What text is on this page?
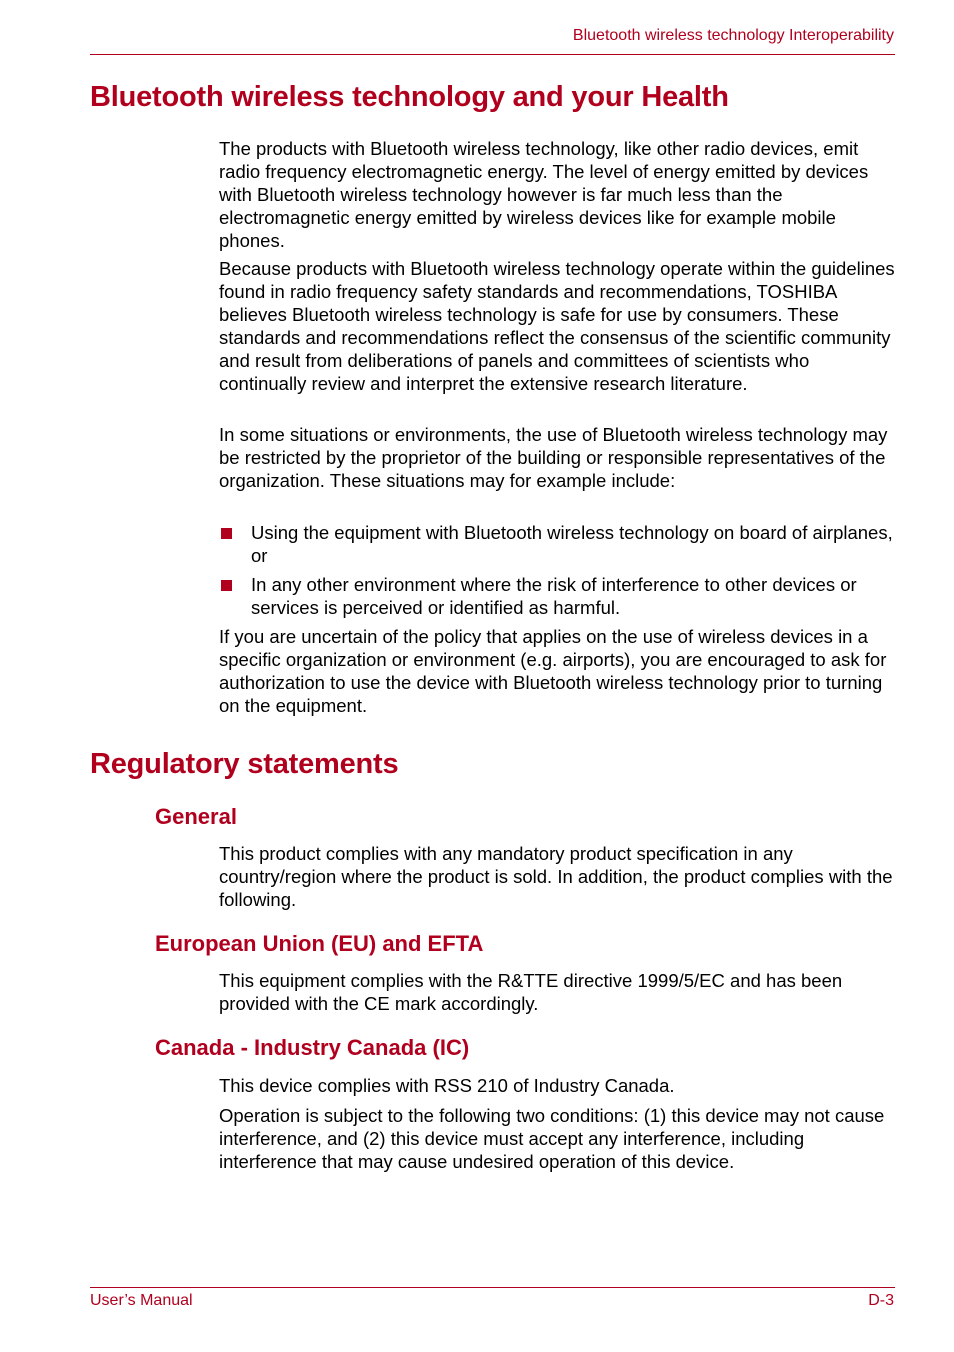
Bluetooth wireless technology Interoperability
Bluetooth wireless technology and your Health

The products with Bluetooth wireless technology, like other radio devices, emit radio frequency electromagnetic energy. The level of energy emitted by devices with Bluetooth wireless technology however is far much less than the electromagnetic energy emitted by wireless devices like for example mobile phones.

Because products with Bluetooth wireless technology operate within the guidelines found in radio frequency safety standards and recommendations, TOSHIBA believes Bluetooth wireless technology is safe for use by consumers. These standards and recommendations reflect the consensus of the scientific community and result from deliberations of panels and committees of scientists who continually review and interpret the extensive research literature.

In some situations or environments, the use of Bluetooth wireless technology may be restricted by the proprietor of the building or responsible representatives of the organization. These situations may for example include:

Using the equipment with Bluetooth wireless technology on board of airplanes, or
In any other environment where the risk of interference to other devices or services is perceived or identified as harmful.

If you are uncertain of the policy that applies on the use of wireless devices in a specific organization or environment (e.g. airports), you are encouraged to ask for authorization to use the device with Bluetooth wireless technology prior to turning on the equipment.

Regulatory statements
General

This product complies with any mandatory product specification in any country/region where the product is sold. In addition, the product complies with the following.

European Union (EU) and EFTA

This equipment complies with the R&TTE directive 1999/5/EC and has been provided with the CE mark accordingly.

Canada - Industry Canada (IC)

This device complies with RSS 210 of Industry Canada.

Operation is subject to the following two conditions: (1) this device may not cause interference, and (2) this device must accept any interference, including interference that may cause undesired operation of this device.

User’s Manual	D-3
